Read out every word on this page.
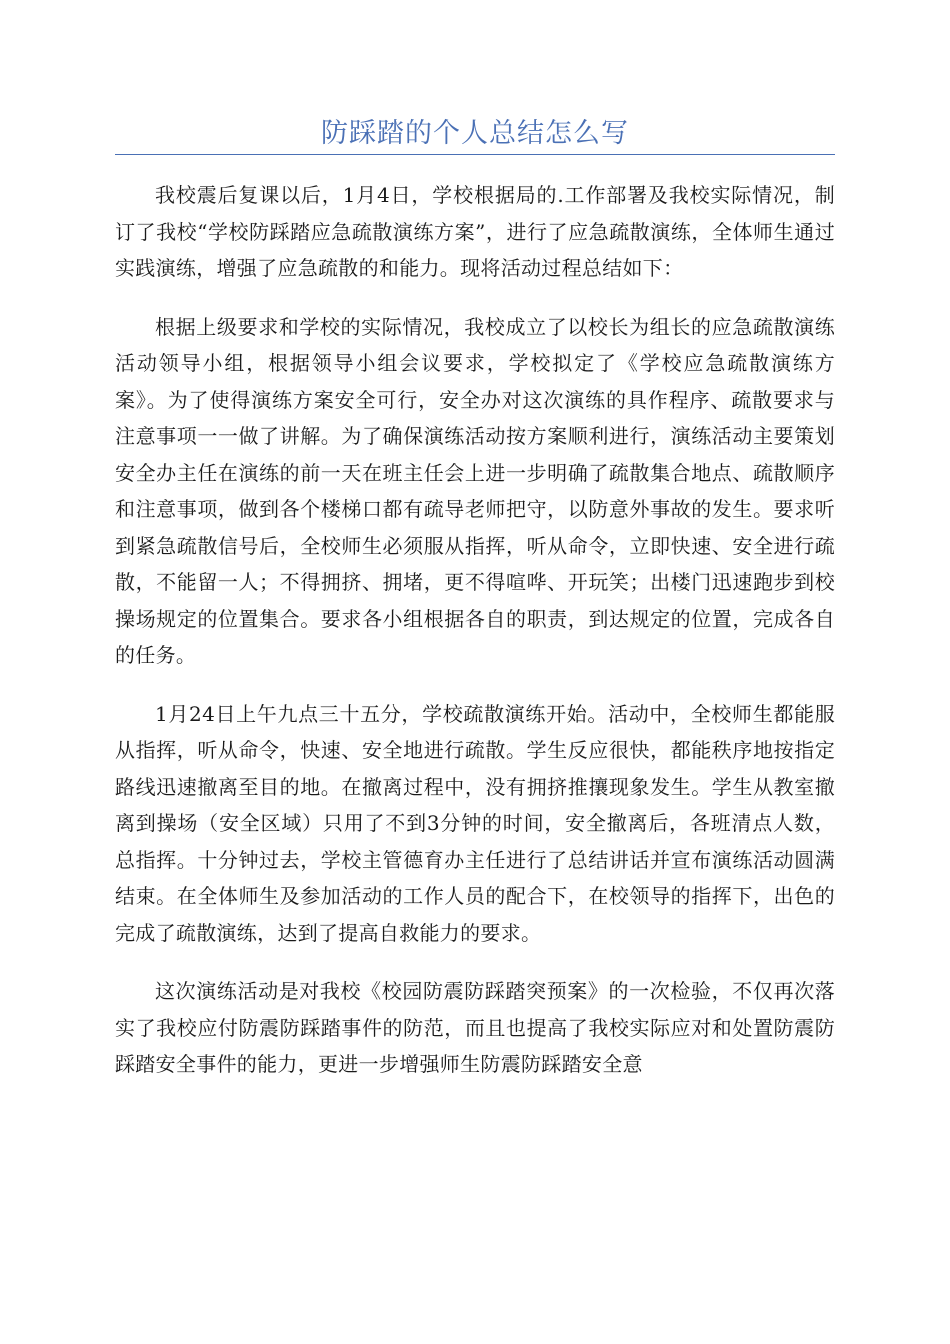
防踩踏的个人总结怎么写

我校震后复课以后，1月4日，学校根据局的.工作部署及我校实际情况，制订了我校“学校防踩踏应急疏散演练方案”，进行了应急疏散演练，全体师生通过实践演练，增强了应急疏散的和能力。现将活动过程总结如下：

根据上级要求和学校的实际情况，我校成立了以校长为组长的应急疏散演练活动领导小组，根据领导小组会议要求，学校拟定了《学校应急疏散演练方案》。为了使得演练方案安全可行，安全办对这次演练的具作程序、疏散要求与注意事项一一做了讲解。为了确保演练活动按方案顺利进行，演练活动主要策划安全办主任在演练的前一天在班主任会上进一步明确了疏散集合地点、疏散顺序和注意事项，做到各个楼梯口都有疏导老师把守，以防意外事故的发生。要求听到紧急疏散信号后，全校师生必须服从指挥，听从命令，立即快速、安全进行疏散，不能留一人；不得拥挤、拥堵，更不得喧哗、开玩笑；出楼门迅速跑步到校操场规定的位置集合。要求各小组根据各自的职责，到达规定的位置，完成各自的任务。

1月24日上午九点三十五分，学校疏散演练开始。活动中，全校师生都能服从指挥，听从命令，快速、安全地进行疏散。学生反应很快，都能秩序地按指定路线迅速撤离至目的地。在撤离过程中，没有拥挤推攘现象发生。学生从教室撤离到操场（安全区域）只用了不到3分钟的时间，安全撤离后，各班清点人数，总指挥。十分钟过去，学校主管德育办主任进行了总结讲话并宣布演练活动圆满结束。在全体师生及参加活动的工作人员的配合下，在校领导的指挥下，出色的完成了疏散演练，达到了提高自救能力的要求。

这次演练活动是对我校《校园防震防踩踏突预案》的一次检验，不仅再次落实了我校应付防震防踩踏事件的防范，而且也提高了我校实际应对和处置防震防踩踏安全事件的能力，更进一步增强师生防震防踩踏安全意
